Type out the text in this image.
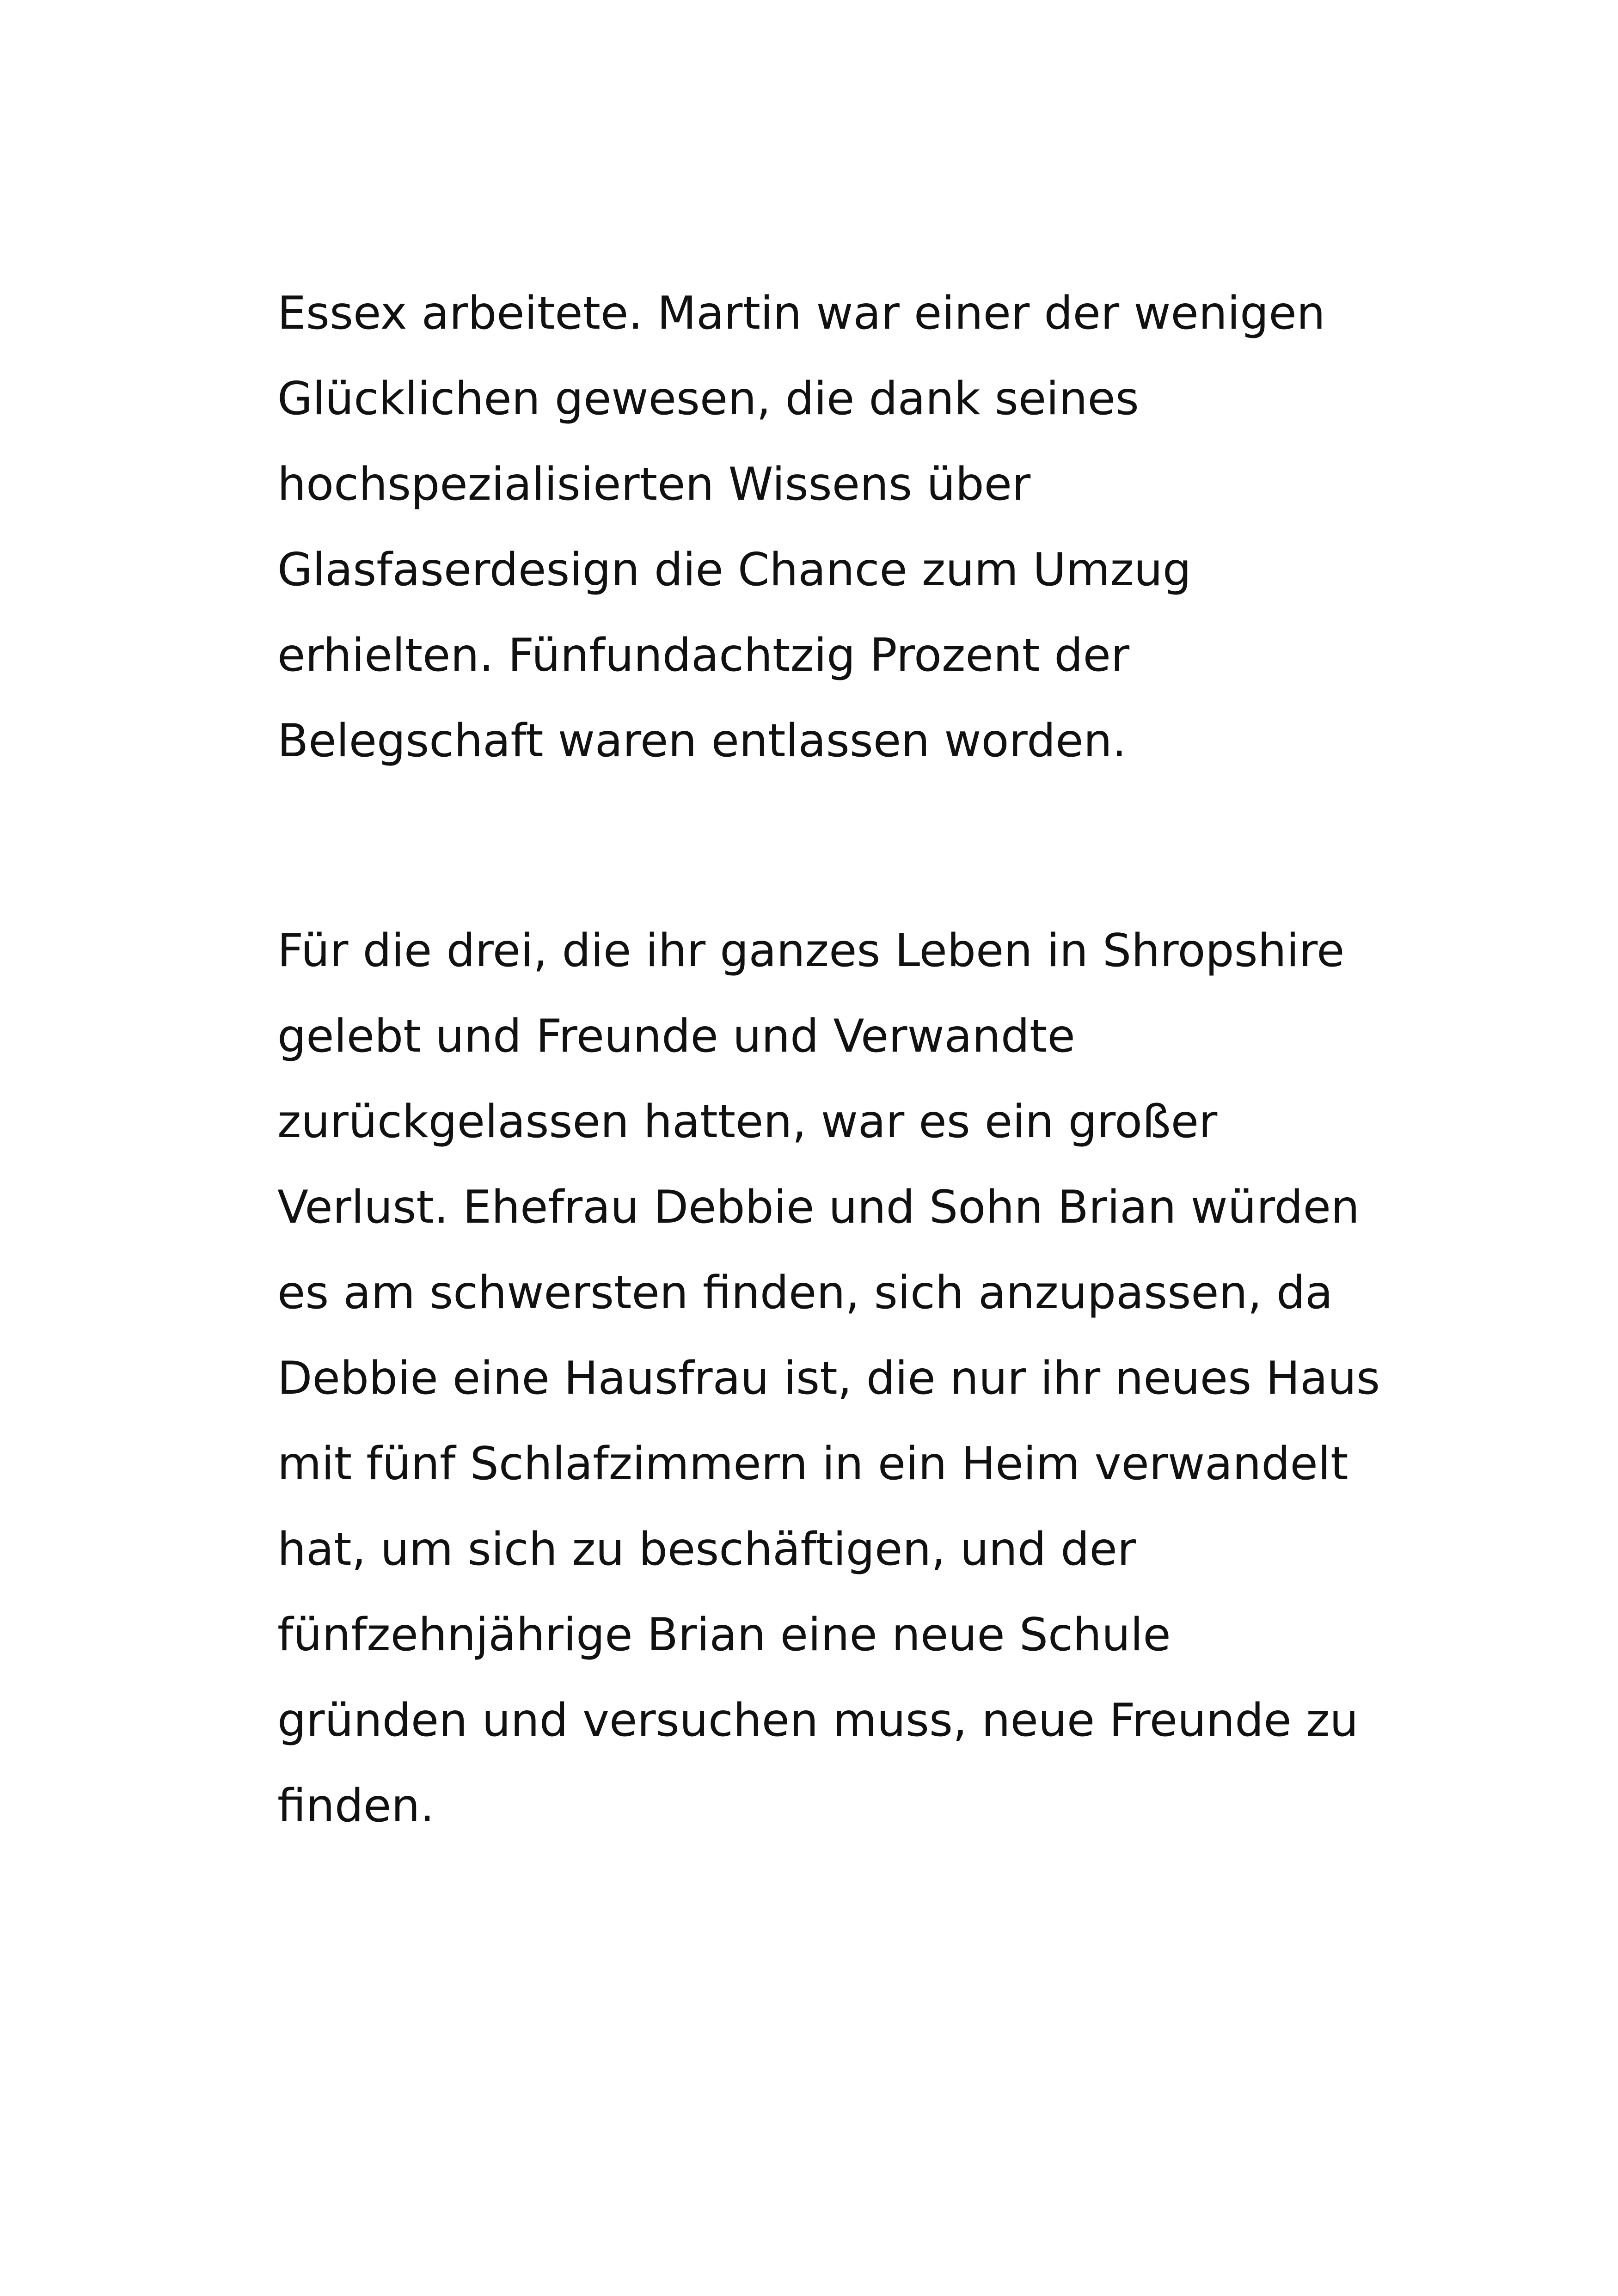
Essex arbeitete. Martin war einer der wenigen
Glücklichen gewesen, die dank seines
hochspezialisierten Wissens über
Glasfaserdesign die Chance zum Umzug
erhielten. Fünfundachtzig Prozent der
Belegschaft waren entlassen worden.

Für die drei, die ihr ganzes Leben in Shropshire
gelebt und Freunde und Verwandte
zurückgelassen hatten, war es ein großer
Verlust. Ehefrau Debbie und Sohn Brian würden
es am schwersten finden, sich anzupassen, da
Debbie eine Hausfrau ist, die nur ihr neues Haus
mit fünf Schlafzimmern in ein Heim verwandelt
hat, um sich zu beschäftigen, und der
fünfzehnjährige Brian eine neue Schule
gründen und versuchen muss, neue Freunde zu
finden.
